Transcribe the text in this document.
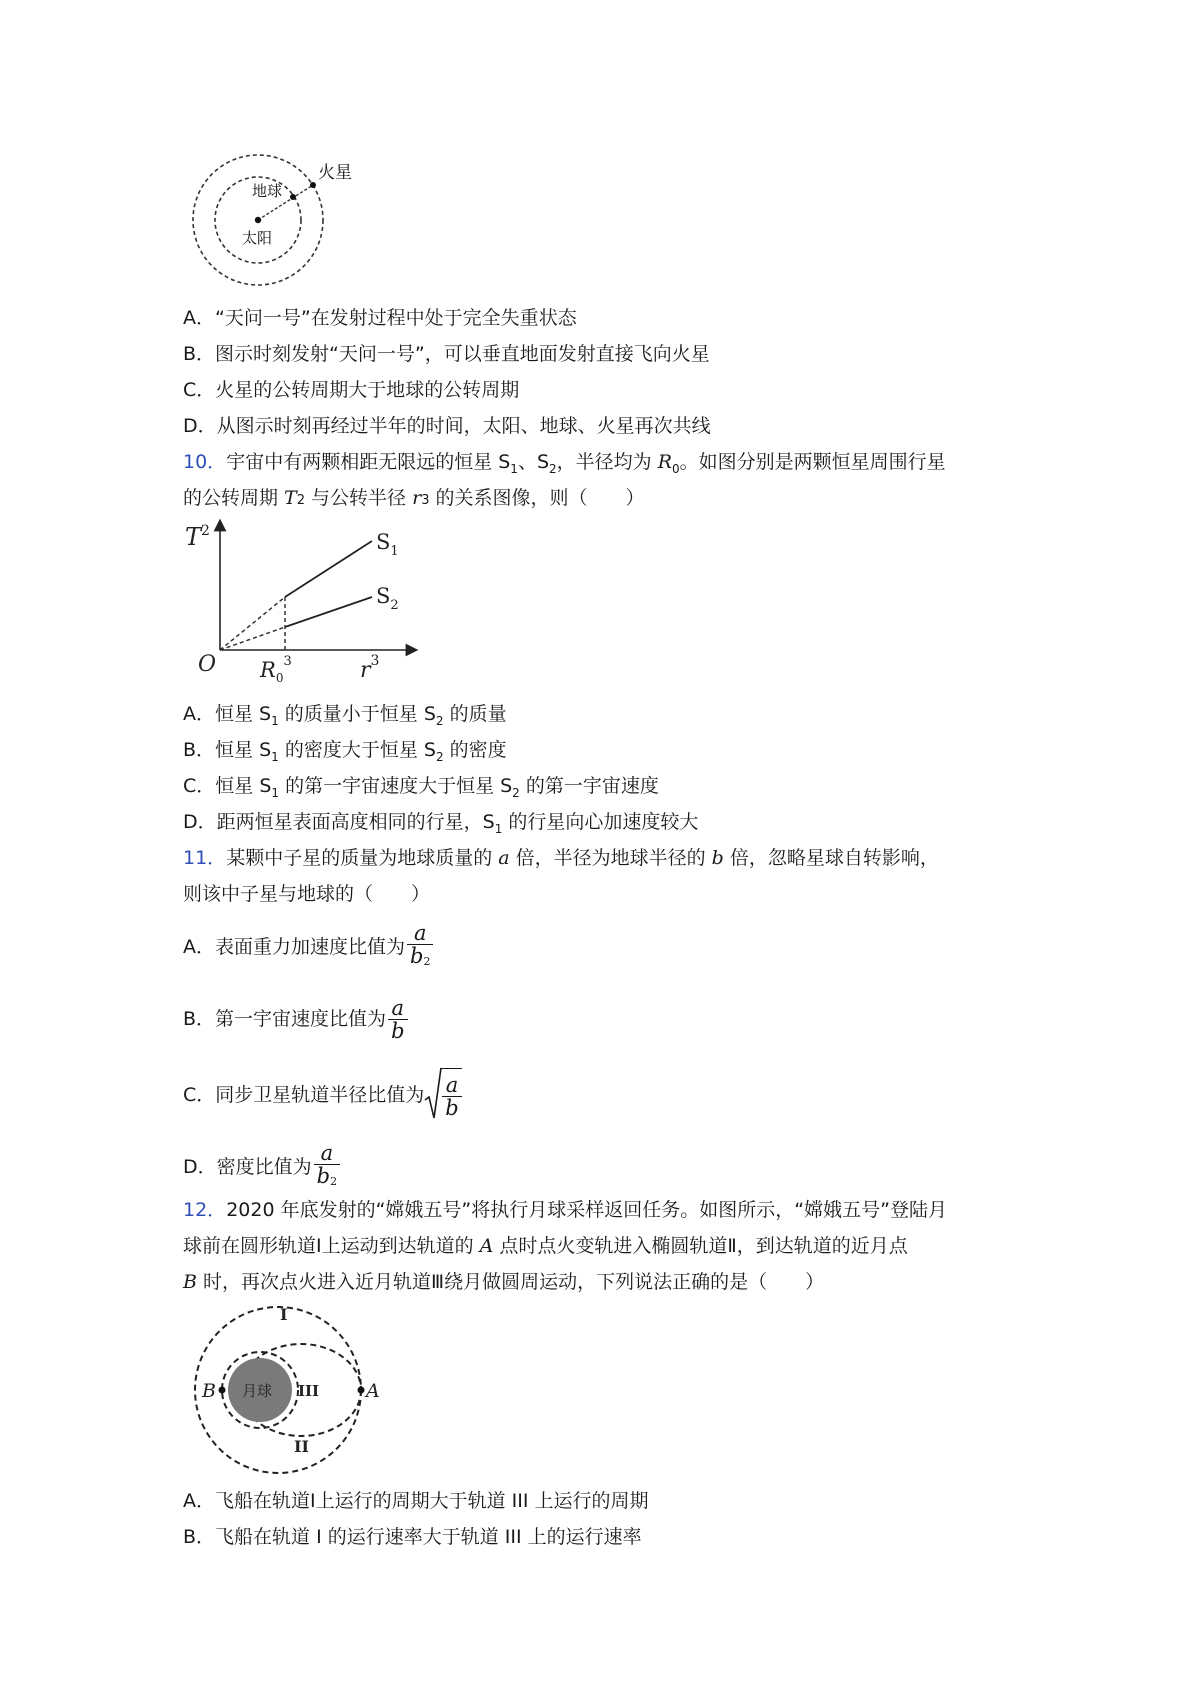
火星
地球
太阳
A．“天问一号”在发射过程中处于完全失重状态
B．图示时刻发射“天问一号”，可以垂直地面发射直接飞向火星
C．火星的公转周期大于地球的公转周期
D．从图示时刻再经过半年的时间，太阳、地球、火星再次共线
10．宇宙中有两颗相距无限远的恒星 $S_1$、$S_2$，半径均为 $R_0$。如图分别是两颗恒星周围行星
的公转周期 T2 与公转半径 r3 的关系图像，则（　　）
$T^2$
O $R_0^3$	$r^3$
$S_1$
$S_2$
A．恒星 $S_1$ 的质量小于恒星 $S_2$ 的质量
B．恒星 $S_1$ 的密度大于恒星 $S_2$ 的密度
C．恒星 $S_1$ 的第一宇宙速度大于恒星 $S_2$ 的第一宇宙速度
D．距两恒星表面高度相同的行星，$S_1$ 的行星向心加速度较大
11．某颗中子星的质量为地球质量的 a 倍，半径为地球半径的 b 倍，忽略星球自转影响，
则该中子星与地球的（　　）
A．表面重力加速度比值为 $\frac{a}{b^2}$
B．第一宇宙速度比值为 $\frac{a}{b}$
C．同步卫星轨道半径比值为 $\frac{a}{b}$
D．密度比值为 $\frac{a}{b^2}$
12．2020 年底发射的“嫦娥五号”将执行月球采样返回任务。如图所示，“嫦娥五号”登陆月
球前在圆形轨道Ⅰ上运动到达轨道的 A 点时点火变轨进入椭圆轨道Ⅱ，到达轨道的近月点
B 时，再次点火进入近月轨道Ⅲ绕月做圆周运动，下列说法正确的是（　　）
月球
B	A
I
II
III
A．飞船在轨道Ⅰ上运行的周期大于轨道 III 上运行的周期
B．飞船在轨道 I 的运行速率大于轨道 III 上的运行速率
